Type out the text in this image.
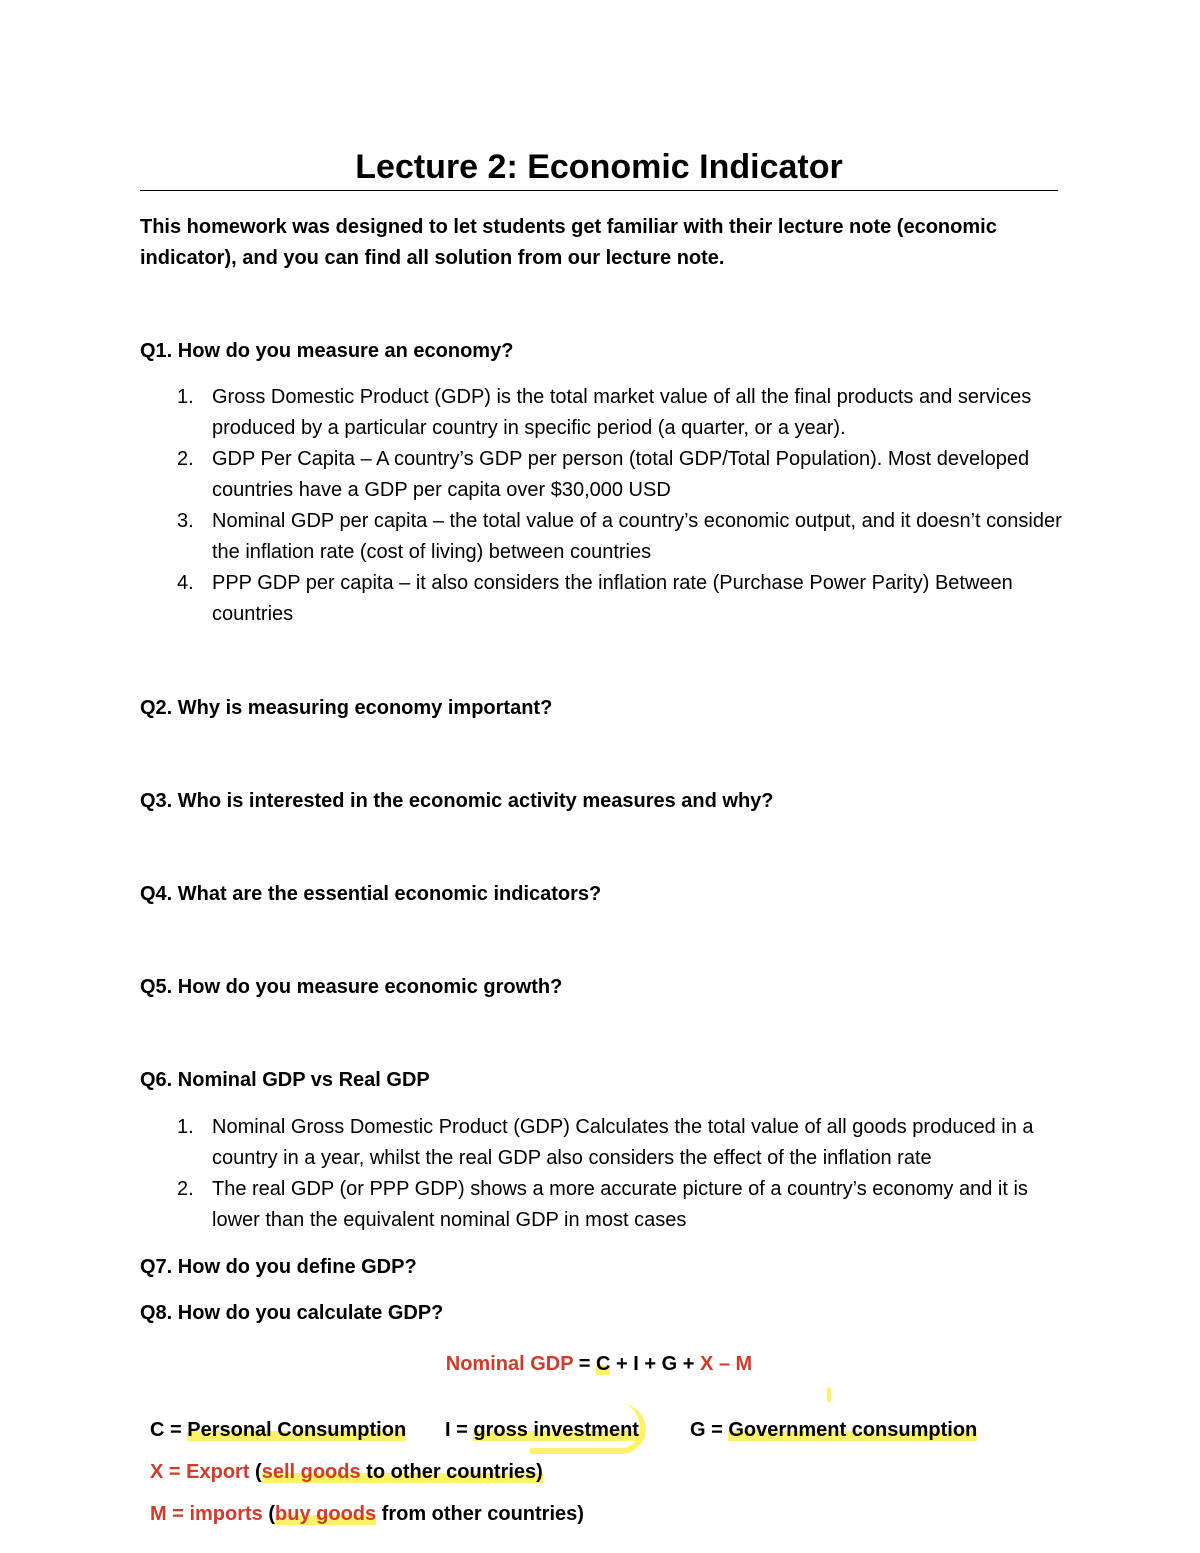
Lecture 2: Economic Indicator
This homework was designed to let students get familiar with their lecture note (economic indicator), and you can find all solution from our lecture note.
Q1. How do you measure an economy?
1. Gross Domestic Product (GDP) is the total market value of all the final products and services produced by a particular country in specific period (a quarter, or a year).
2. GDP Per Capita – A country’s GDP per person (total GDP/Total Population). Most developed countries have a GDP per capita over $30,000 USD
3. Nominal GDP per capita – the total value of a country’s economic output, and it doesn’t consider the inflation rate (cost of living) between countries
4. PPP GDP per capita – it also considers the inflation rate (Purchase Power Parity) Between countries
Q2. Why is measuring economy important?
Q3. Who is interested in the economic activity measures and why?
Q4. What are the essential economic indicators?
Q5. How do you measure economic growth?
Q6. Nominal GDP vs Real GDP
1. Nominal Gross Domestic Product (GDP) Calculates the total value of all goods produced in a country in a year, whilst the real GDP also considers the effect of the inflation rate
2. The real GDP (or PPP GDP) shows a more accurate picture of a country’s economy and it is lower than the equivalent nominal GDP in most cases
Q7. How do you define GDP?
Q8. How do you calculate GDP?
Nominal GDP = C + I + G + X – M
C = Personal Consumption I = gross investment	G = Government consumption
X = Export (sell goods to other countries)
M = imports (buy goods from other countries)
